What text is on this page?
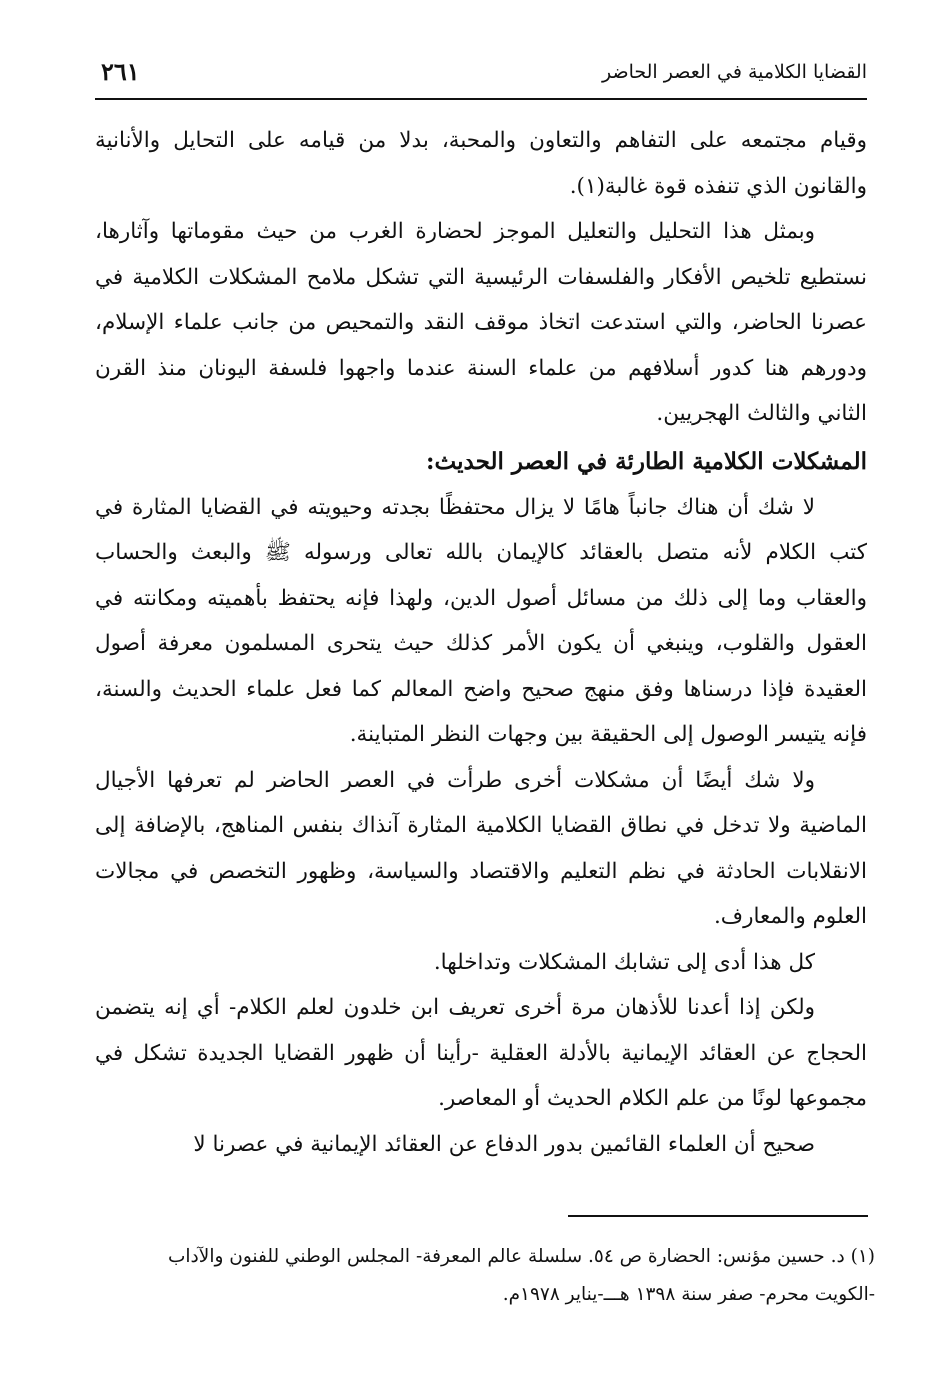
القضايا الكلامية في العصر الحاضر
٢٦١

وقيام مجتمعه على التفاهم والتعاون والمحبة، بدلا من قيامه على التحايل والأنانية والقانون الذي تنفذه قوة غالبة(١).

وبمثل هذا التحليل والتعليل الموجز لحضارة الغرب من حيث مقوماتها وآثارها، نستطيع تلخيص الأفكار والفلسفات الرئيسية التي تشكل ملامح المشكلات الكلامية في عصرنا الحاضر، والتي استدعت اتخاذ موقف النقد والتمحيص من جانب علماء الإسلام، ودورهم هنا كدور أسلافهم من علماء السنة عندما واجهوا فلسفة اليونان منذ القرن الثاني والثالث الهجريين.

المشكلات الكلامية الطارئة في العصر الحديث:

لا شك أن هناك جانباً هامًا لا يزال محتفظًا بجدته وحيويته في القضايا المثارة في كتب الكلام لأنه متصل بالعقائد كالإيمان بالله تعالى ورسوله ﷺ والبعث والحساب والعقاب وما إلى ذلك من مسائل أصول الدين، ولهذا فإنه يحتفظ بأهميته ومكانته في العقول والقلوب، وينبغي أن يكون الأمر كذلك حيث يتحرى المسلمون معرفة أصول العقيدة فإذا درسناها وفق منهج صحيح واضح المعالم كما فعل علماء الحديث والسنة، فإنه يتيسر الوصول إلى الحقيقة بين وجهات النظر المتباينة.

ولا شك أيضًا أن مشكلات أخرى طرأت في العصر الحاضر لم تعرفها الأجيال الماضية ولا تدخل في نطاق القضايا الكلامية المثارة آنذاك بنفس المناهج، بالإضافة إلى الانقلابات الحادثة في نظم التعليم والاقتصاد والسياسة، وظهور التخصص في مجالات العلوم والمعارف.

كل هذا أدى إلى تشابك المشكلات وتداخلها.

ولكن إذا أعدنا للأذهان مرة أخرى تعريف ابن خلدون لعلم الكلام- أي إنه يتضمن الحجاج عن العقائد الإيمانية بالأدلة العقلية -رأينا أن ظهور القضايا الجديدة تشكل في مجموعها لونًا من علم الكلام الحديث أو المعاصر.

صحيح أن العلماء القائمين بدور الدفاع عن العقائد الإيمانية في عصرنا لا

(١) د. حسين مؤنس: الحضارة ص ٥٤. سلسلة عالم المعرفة- المجلس الوطني للفنون والآداب

-الكويت محرم- صفر سنة ١٣٩٨ هـــ-يناير ١٩٧٨م.
